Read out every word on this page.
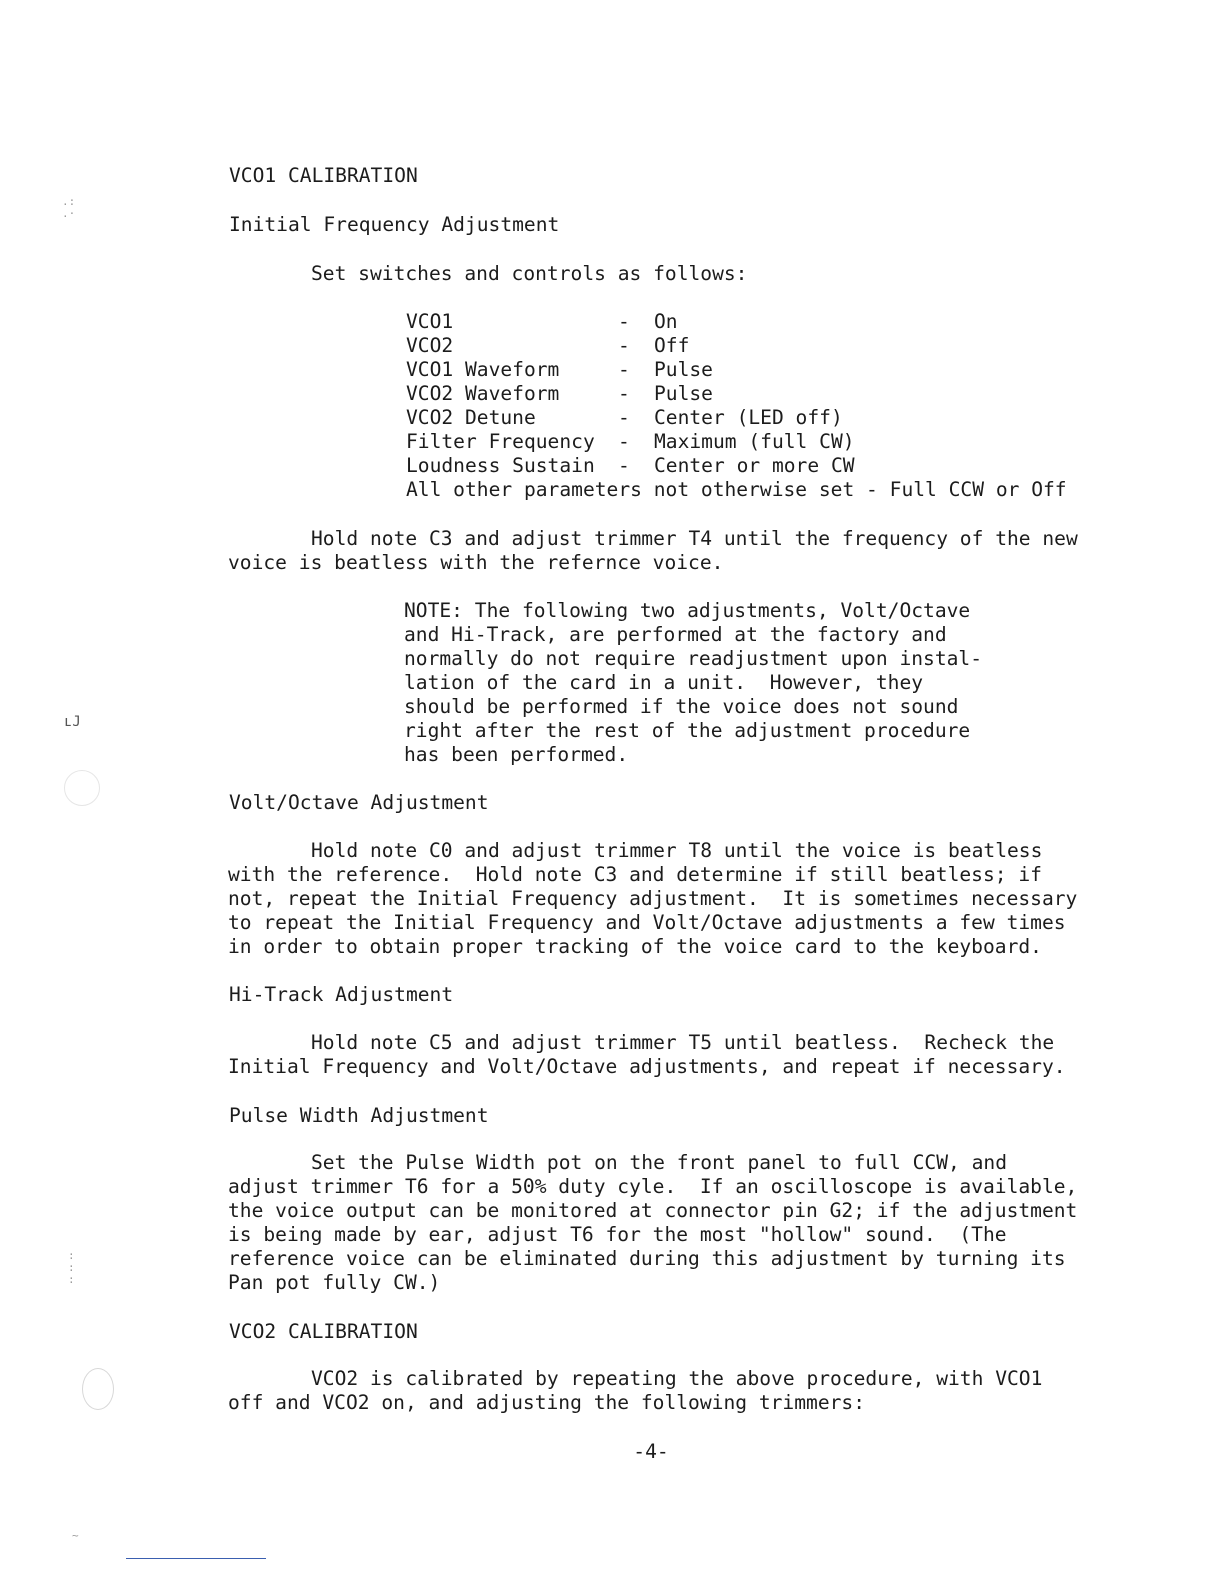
.:
.·
ʟJ
:
:
:
~
VCO1 CALIBRATION
Initial Frequency Adjustment
Set switches and controls as follows:
VCO1	- On
VCO2	- Off
VCO1 Waveform	- Pulse
VCO2 Waveform	- Pulse
VCO2 Detune	- Center (LED off)
Filter Frequency - Maximum (full CW)
Loudness Sustain - Center or more CW
All other parameters not otherwise set - Full CCW or Off
Hold note C3 and adjust trimmer T4 until the frequency of the new
voice is beatless with the refernce voice.
NOTE: The following two adjustments, Volt/Octave
and Hi-Track, are performed at the factory and
normally do not require readjustment upon instal-
lation of the card in a unit.  However, they
should be performed if the voice does not sound
right after the rest of the adjustment procedure
has been performed.
Volt/Octave Adjustment
Hold note C0 and adjust trimmer T8 until the voice is beatless
with the reference.  Hold note C3 and determine if still beatless; if
not, repeat the Initial Frequency adjustment.  It is sometimes necessary
to repeat the Initial Frequency and Volt/Octave adjustments a few times
in order to obtain proper tracking of the voice card to the keyboard.
Hi-Track Adjustment
Hold note C5 and adjust trimmer T5 until beatless.  Recheck the
Initial Frequency and Volt/Octave adjustments, and repeat if necessary.
Pulse Width Adjustment
Set the Pulse Width pot on the front panel to full CCW, and
adjust trimmer T6 for a 50% duty cyle.  If an oscilloscope is available,
the voice output can be monitored at connector pin G2; if the adjustment
is being made by ear, adjust T6 for the most "hollow" sound.  (The
reference voice can be eliminated during this adjustment by turning its
Pan pot fully CW.)
VCO2 CALIBRATION
VCO2 is calibrated by repeating the above procedure, with VCO1
off and VCO2 on, and adjusting the following trimmers:
-4-
